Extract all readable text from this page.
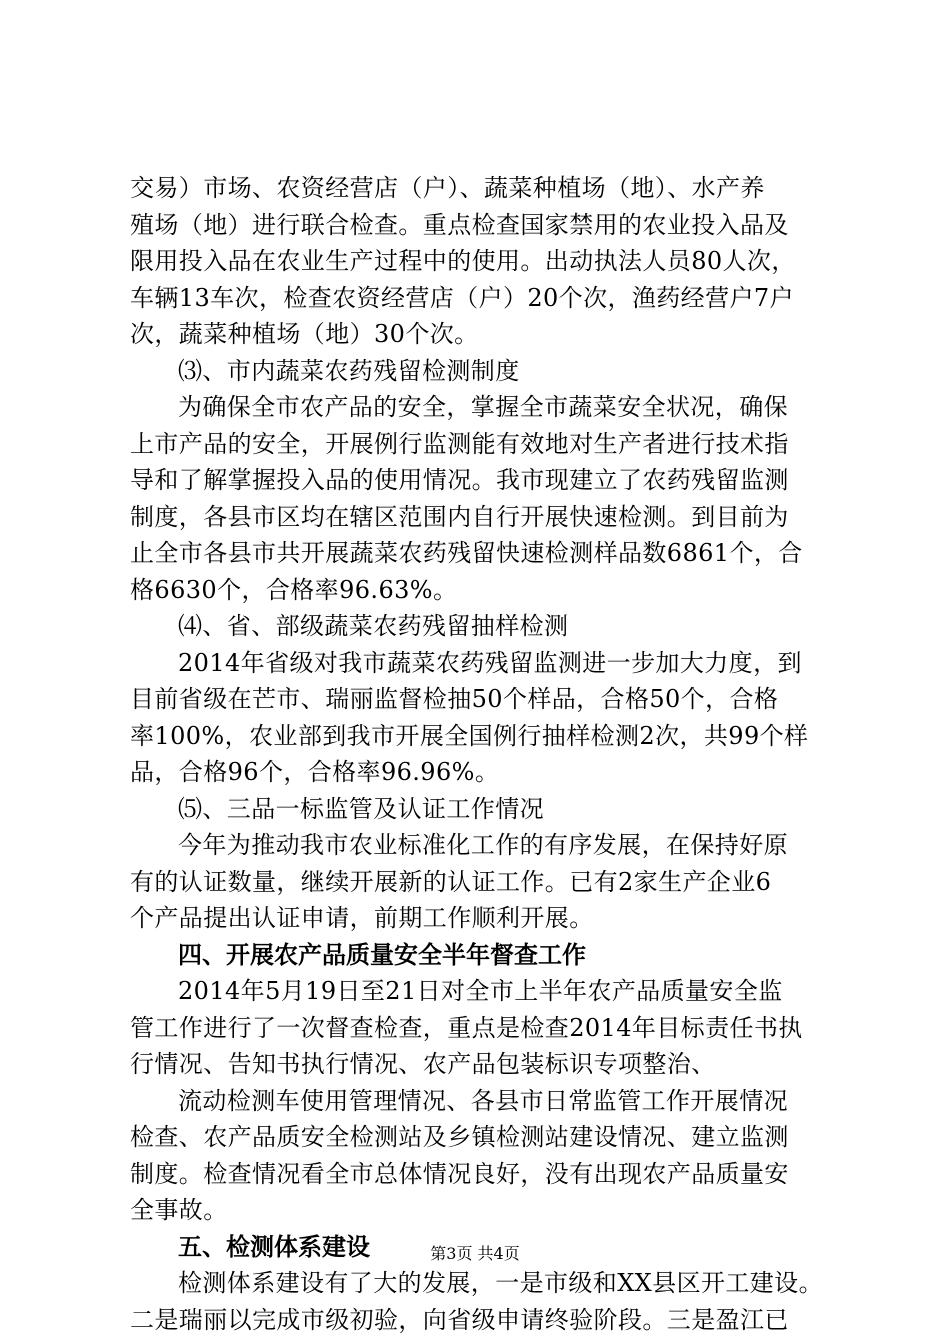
交易）市场、农资经营店（户）、蔬菜种植场（地）、水产养
殖场（地）进行联合检查。重点检查国家禁用的农业投入品及
限用投入品在农业生产过程中的使用。出动执法人员80人次，
车辆13车次，检查农资经营店（户）20个次，渔药经营户7户
次，蔬菜种植场（地）30个次。
⑶、市内蔬菜农药残留检测制度
为确保全市农产品的安全，掌握全市蔬菜安全状况，确保
上市产品的安全，开展例行监测能有效地对生产者进行技术指
导和了解掌握投入品的使用情况。我市现建立了农药残留监测
制度，各县市区均在辖区范围内自行开展快速检测。到目前为
止全市各县市共开展蔬菜农药残留快速检测样品数6861个，合
格6630个，合格率96.63%。
⑷、省、部级蔬菜农药残留抽样检测
2014年省级对我市蔬菜农药残留监测进一步加大力度，到
目前省级在芒市、瑞丽监督检抽50个样品，合格50个，合格
率100%，农业部到我市开展全国例行抽样检测2次，共99个样
品，合格96个，合格率96.96%。
⑸、三品一标监管及认证工作情况
今年为推动我市农业标准化工作的有序发展，在保持好原
有的认证数量，继续开展新的认证工作。已有2家生产企业6
个产品提出认证申请，前期工作顺利开展。
四、开展农产品质量安全半年督查工作
2014年5月19日至21日对全市上半年农产品质量安全监
管工作进行了一次督查检查，重点是检查2014年目标责任书执
行情况、告知书执行情况、农产品包装标识专项整治、
流动检测车使用管理情况、各县市日常监管工作开展情况
检查、农产品质安全检测站及乡镇检测站建设情况、建立监测
制度。检查情况看全市总体情况良好，没有出现农产品质量安
全事故。
五、检测体系建设
检测体系建设有了大的发展，一是市级和XX县区开工建设。
二是瑞丽以完成市级初验，向省级申请终验阶段。三是盈江已
第3页 共4页
